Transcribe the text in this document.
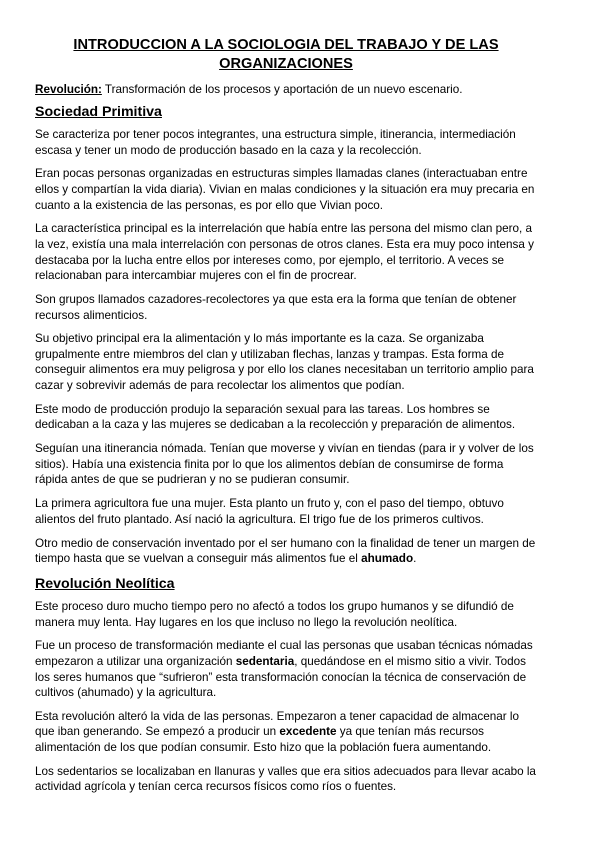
INTRODUCCION A LA SOCIOLOGIA DEL TRABAJO Y DE LAS ORGANIZACIONES
Revolución: Transformación de los procesos y aportación de un nuevo escenario.
Sociedad Primitiva

Se caracteriza por tener pocos integrantes, una estructura simple, itinerancia, intermediación escasa y tener un modo de producción basado en la caza y la recolección.

Eran pocas personas organizadas en estructuras simples llamadas clanes (interactuaban entre ellos y compartían la vida diaria). Vivian en malas condiciones y la situación era muy precaria en cuanto a la existencia de las personas, es por ello que Vivian poco.

La característica principal es la interrelación que había entre las persona del mismo clan pero, a la vez, existía una mala interrelación con personas de otros clanes. Esta era muy poco intensa y destacaba por la lucha entre ellos por intereses como, por ejemplo, el territorio. A veces se relacionaban para intercambiar mujeres con el fin de procrear.

Son grupos llamados cazadores-recolectores ya que esta era la forma que tenían de obtener recursos alimenticios.

Su objetivo principal era la alimentación y lo más importante es la caza. Se organizaba grupalmente entre miembros del clan y utilizaban flechas, lanzas y trampas. Esta forma de conseguir alimentos era muy peligrosa y por ello los clanes necesitaban un territorio amplio para cazar y sobrevivir además de para recolectar los alimentos que podían.

Este modo de producción produjo la separación sexual para las tareas. Los hombres se dedicaban a la caza y las mujeres se dedicaban a la recolección y preparación de alimentos.

Seguían una itinerancia nómada. Tenían que moverse y vivían en tiendas (para ir y volver de los sitios). Había una existencia finita por lo que los alimentos debían de consumirse de forma rápida antes de que se pudrieran y no se pudieran consumir.

La primera agricultora fue una mujer. Esta planto un fruto y, con el paso del tiempo, obtuvo alientos del fruto plantado. Así nació la agricultura. El trigo fue de los primeros cultivos.

Otro medio de conservación inventado por el ser humano con la finalidad de tener un margen de tiempo hasta que se vuelvan a conseguir más alimentos fue el ahumado.

Revolución Neolítica

Este proceso duro mucho tiempo pero no afectó a todos los grupo humanos y se difundió de manera muy lenta. Hay lugares en los que incluso no llego la revolución neolítica.

Fue un proceso de transformación mediante el cual las personas que usaban técnicas nómadas empezaron a utilizar una organización sedentaria, quedándose en el mismo sitio a vivir. Todos los seres humanos que “sufrieron” esta transformación conocían la técnica de conservación de cultivos (ahumado) y la agricultura.

Esta revolución alteró la vida de las personas. Empezaron a tener capacidad de almacenar lo que iban generando. Se empezó a producir un excedente ya que tenían más recursos alimentación de los que podían consumir. Esto hizo que la población fuera aumentando.

Los sedentarios se localizaban en llanuras y valles que era sitios adecuados para llevar acabo la actividad agrícola y tenían cerca recursos físicos como ríos o fuentes.
